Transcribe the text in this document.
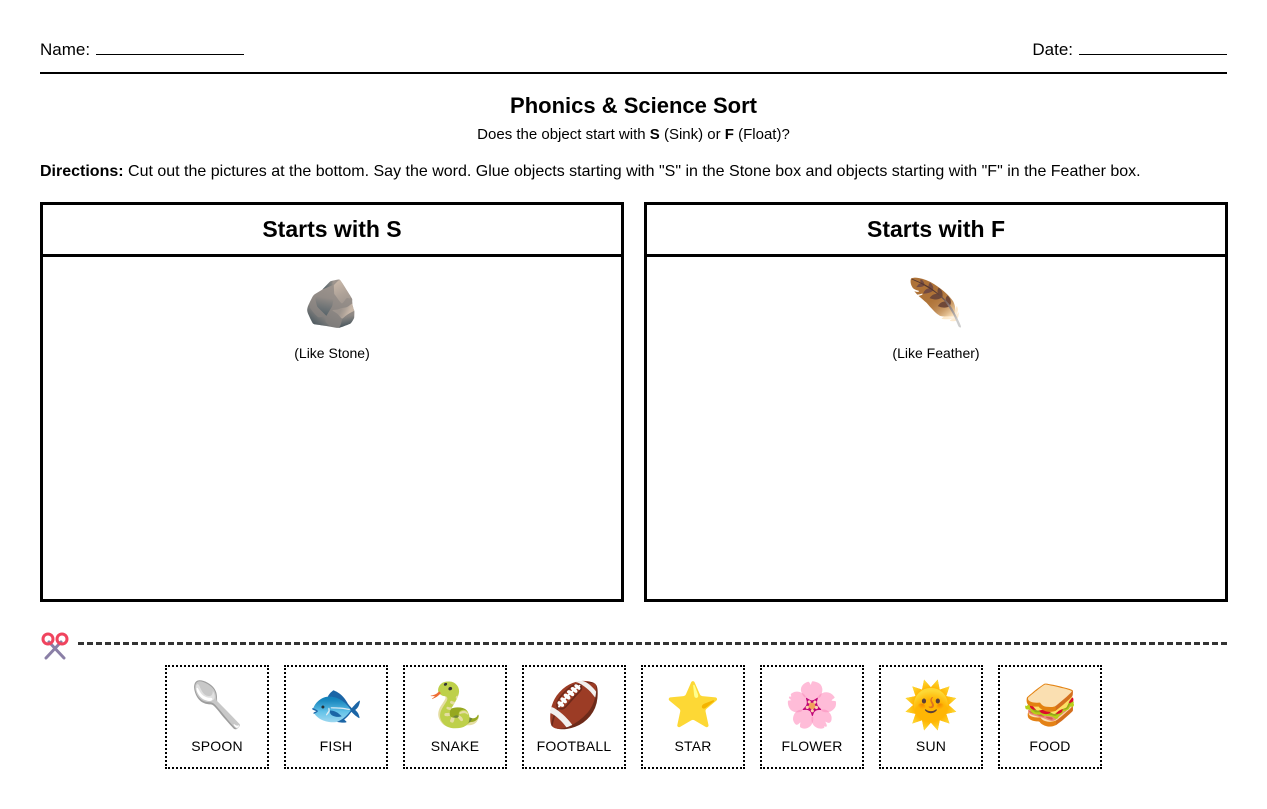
Name:	Date:
Phonics & Science Sort
Does the object start with S (Sink) or F (Float)?
Directions: Cut out the pictures at the bottom. Say the word. Glue objects starting with "S" in the Stone box and objects starting with "F" in the Feather box.
Starts with S
🪨
(Like Stone)
Starts with F
🪶
(Like Feather)
🥄
SPOON
🐟
FISH
🐍
SNAKE
🏈
FOOTBALL
⭐
STAR
🌸
FLOWER
🌞
SUN
🥪
FOOD
